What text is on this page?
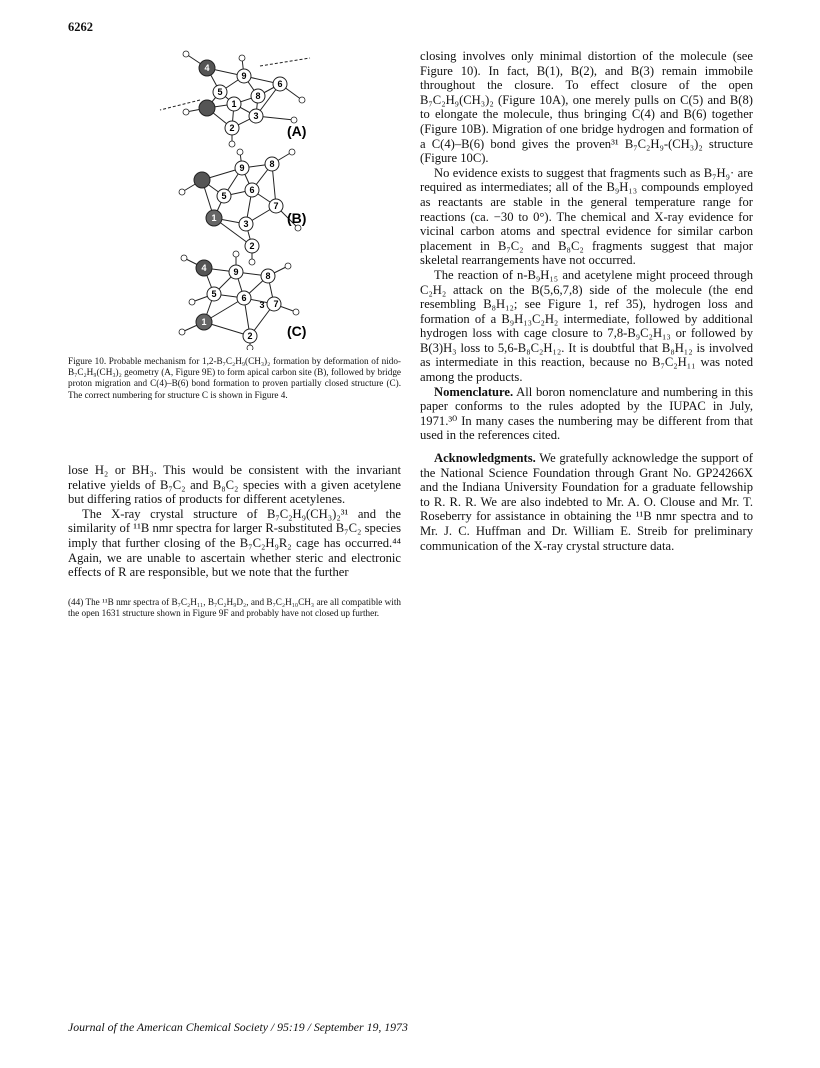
6262
9
5
6
4
1
3
8
2
9	8
5
6
1
3
7
2
4	9	8
5	6
1
3 7
2
(A)
(B)
(C)
Figure 10. Probable mechanism for 1,2-B₇C₂H₉(CH₃)₂ formation by deformation of nido-B₇C₂H₉(CH₃)₂ geometry (A, Figure 9E) to form apical carbon site (B), followed by bridge proton migration and C(4)–B(6) bond formation to proven partially closed structure (C). The correct numbering for structure C is shown in Figure 4.

lose H₂ or BH₃. This would be consistent with the invariant relative yields of B₇C₂ and B₈C₂ species with a given acetylene but differing ratios of products for different acetylenes.

The X-ray crystal structure of B₇C₂H₉(CH₃)₂³¹ and the similarity of ¹¹B nmr spectra for larger R-substituted B₇C₂ species imply that further closing of the B₇C₂H₉R₂ cage has occurred.⁴⁴ Again, we are unable to ascertain whether steric and electronic effects of R are responsible, but we note that the further

(44) The ¹¹B nmr spectra of B₇C₂H₁₁, B₇C₂H₉D₂, and B₇C₂H₁₀CH₃ are all compatible with the open 1631 structure shown in Figure 9F and probably have not closed up further.

closing involves only minimal distortion of the molecule (see Figure 10). In fact, B(1), B(2), and B(3) remain immobile throughout the closure. To effect closure of the open B₇C₂H₉(CH₃)₂ (Figure 10A), one merely pulls on C(5) and B(8) to elongate the molecule, thus bringing C(4) and B(6) together (Figure 10B). Migration of one bridge hydrogen and formation of a C(4)–B(6) bond gives the proven³¹ B₇C₂H₉-(CH₃)₂ structure (Figure 10C).

No evidence exists to suggest that fragments such as B₇H₉· are required as intermediates; all of the B₉H₁₃ compounds employed as reactants are stable in the general temperature range for reactions (ca. −30 to 0°). The chemical and X-ray evidence for vicinal carbon atoms and spectral evidence for similar carbon placement in B₇C₂ and B₈C₂ fragments suggest that major skeletal rearrangements have not occurred.

The reaction of n-B₉H₁₅ and acetylene might proceed through C₂H₂ attack on the B(5,6,7,8) side of the molecule (the end resembling B₈H₁₂; see Figure 1, ref 35), hydrogen loss and formation of a B₉H₁₃C₂H₂ intermediate, followed by additional hydrogen loss with cage closure to 7,8-B₉C₂H₁₃ or followed by B(3)H₃ loss to 5,6-B₈C₂H₁₂. It is doubtful that B₈H₁₂ is involved as intermediate in this reaction, because no B₇C₂H₁₁ was noted among the products.

Nomenclature. All boron nomenclature and numbering in this paper conforms to the rules adopted by the IUPAC in July, 1971.³⁰ In many cases the numbering may be different from that used in the references cited.

Acknowledgments. We gratefully acknowledge the support of the National Science Foundation through Grant No. GP24266X and the Indiana University Foundation for a graduate fellowship to R. R. R. We are also indebted to Mr. A. O. Clouse and Mr. T. Roseberry for assistance in obtaining the ¹¹B nmr spectra and to Mr. J. C. Huffman and Dr. William E. Streib for preliminary communication of the X-ray crystal structure data.

Journal of the American Chemical Society / 95:19 / September 19, 1973
